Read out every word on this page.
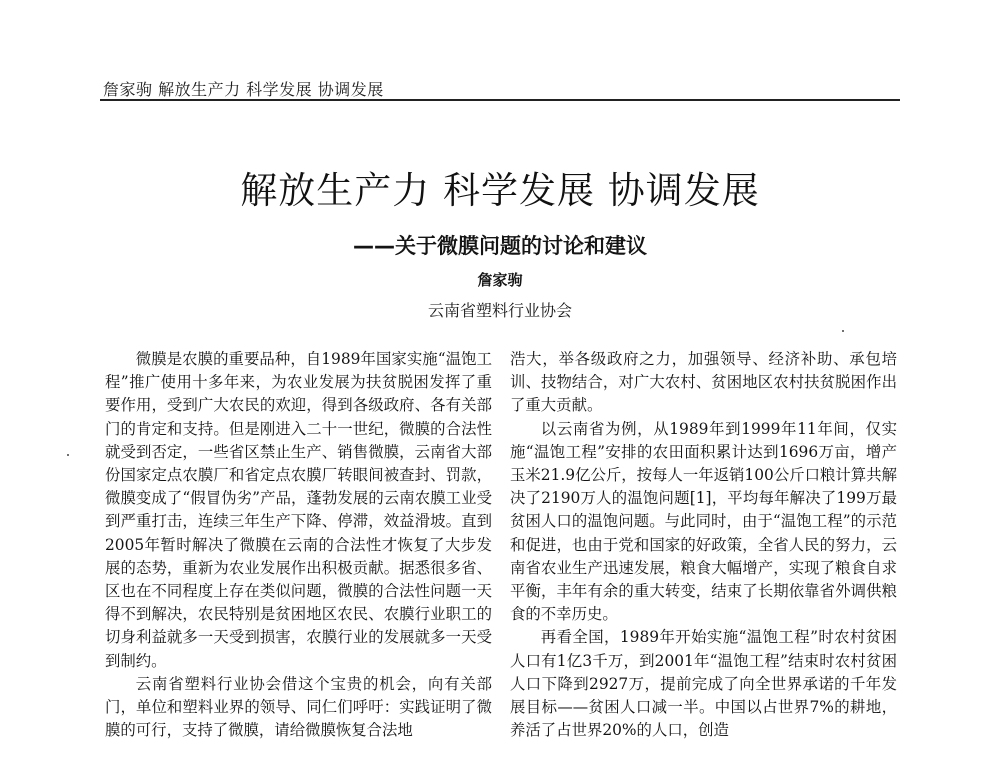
詹家驹 解放生产力 科学发展 协调发展
解放生产力 科学发展 协调发展
——关于微膜问题的讨论和建议
詹家驹
云南省塑料行业协会

微膜是农膜的重要品种，自1989年国家实施“温饱工程”推广使用十多年来，为农业发展为扶贫脱困发挥了重要作用，受到广大农民的欢迎，得到各级政府、各有关部门的肯定和支持。但是刚进入二十一世纪，微膜的合法性就受到否定，一些省区禁止生产、销售微膜，云南省大部份国家定点农膜厂和省定点农膜厂转眼间被查封、罚款，微膜变成了“假冒伪劣”产品，蓬勃发展的云南农膜工业受到严重打击，连续三年生产下降、停滞，效益滑坡。直到2005年暂时解决了微膜在云南的合法性才恢复了大步发展的态势，重新为农业发展作出积极贡献。据悉很多省、区也在不同程度上存在类似问题，微膜的合法性问题一天得不到解决，农民特别是贫困地区农民、农膜行业职工的切身利益就多一天受到损害，农膜行业的发展就多一天受到制约。

云南省塑料行业协会借这个宝贵的机会，向有关部门，单位和塑料业界的领导、同仁们呼吁：实践证明了微膜的可行，支持了微膜，请给微膜恢复合法地

浩大，举各级政府之力，加强领导、经济补助、承包培训、技物结合，对广大农村、贫困地区农村扶贫脱困作出了重大贡献。

以云南省为例，从1989年到1999年11年间，仅实施“温饱工程”安排的农田面积累计达到1696万亩，增产玉米21.9亿公斤，按每人一年返销100公斤口粮计算共解决了2190万人的温饱问题[1]，平均每年解决了199万最贫困人口的温饱问题。与此同时，由于“温饱工程”的示范和促进，也由于党和国家的好政策，全省人民的努力，云南省农业生产迅速发展，粮食大幅增产，实现了粮食自求平衡，丰年有余的重大转变，结束了长期依靠省外调供粮食的不幸历史。

再看全国，1989年开始实施“温饱工程”时农村贫困人口有1亿3千万，到2001年“温饱工程”结束时农村贫困人口下降到2927万，提前完成了向全世界承诺的千年发展目标——贫困人口减一半。中国以占世界7%的耕地，养活了占世界20%的人口，创造
